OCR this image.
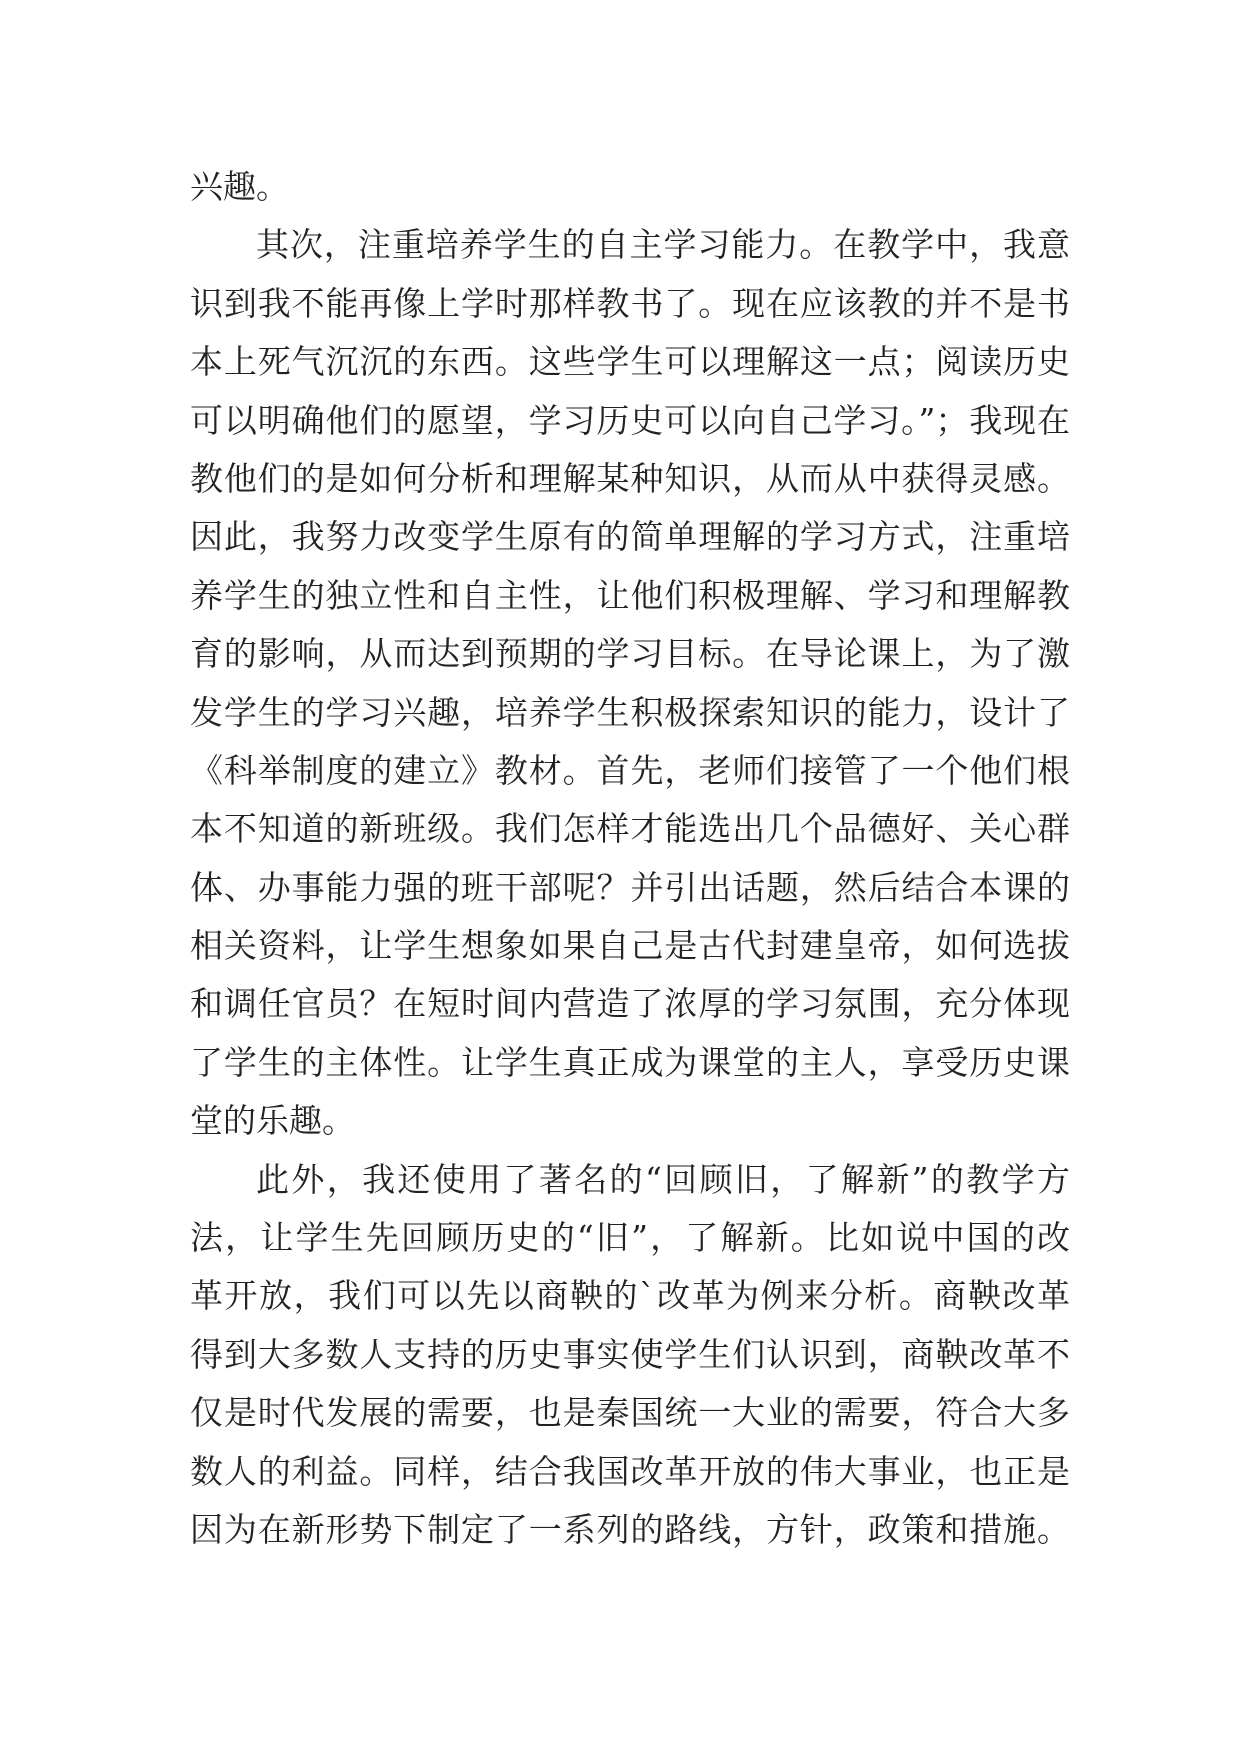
兴趣。
其次，注重培养学生的自主学习能力。在教学中，我意
识到我不能再像上学时那样教书了。现在应该教的并不是书
本上死气沉沉的东西。这些学生可以理解这一点；阅读历史
可以明确他们的愿望，学习历史可以向自己学习。”；我现在
教他们的是如何分析和理解某种知识，从而从中获得灵感。
因此，我努力改变学生原有的简单理解的学习方式，注重培
养学生的独立性和自主性，让他们积极理解、学习和理解教
育的影响，从而达到预期的学习目标。在导论课上，为了激
发学生的学习兴趣，培养学生积极探索知识的能力，设计了
《科举制度的建立》教材。首先，老师们接管了一个他们根
本不知道的新班级。我们怎样才能选出几个品德好、关心群
体、办事能力强的班干部呢？并引出话题，然后结合本课的
相关资料，让学生想象如果自己是古代封建皇帝，如何选拔
和调任官员？在短时间内营造了浓厚的学习氛围，充分体现
了学生的主体性。让学生真正成为课堂的主人，享受历史课
堂的乐趣。
此外，我还使用了著名的“回顾旧，了解新”的教学方
法，让学生先回顾历史的“旧”，了解新。比如说中国的改
革开放，我们可以先以商鞅的`改革为例来分析。商鞅改革
得到大多数人支持的历史事实使学生们认识到，商鞅改革不
仅是时代发展的需要，也是秦国统一大业的需要，符合大多
数人的利益。同样，结合我国改革开放的伟大事业，也正是
因为在新形势下制定了一系列的路线，方针，政策和措施。
